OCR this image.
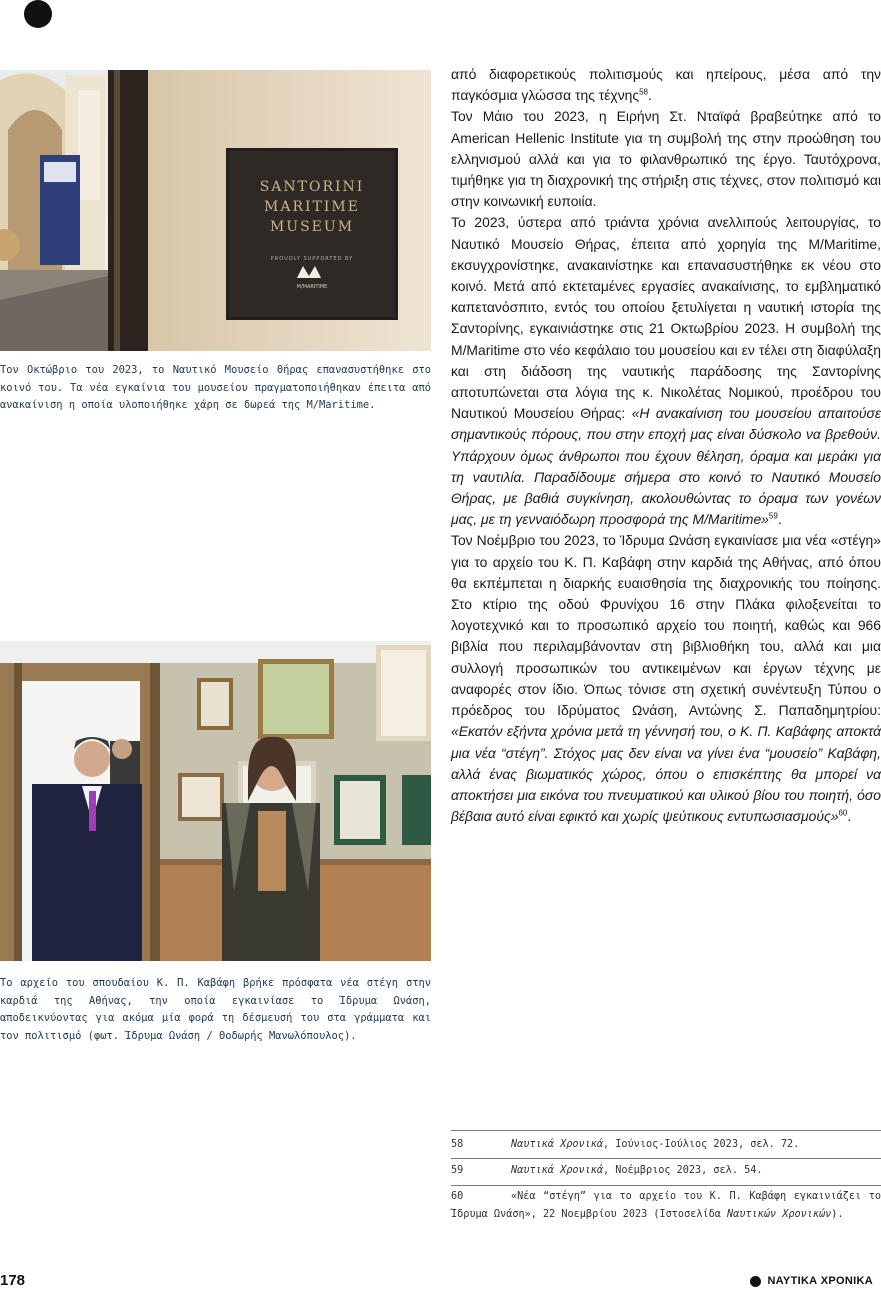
SANTORINI
MARITIME
MUSEUM
PROUDLY SUPPORTED BY
M/MARITIME
Τον Οκτώβριο του 2023, το Ναυτικό Μουσείο Θήρας επανασυστήθηκε στο κοινό του. Τα νέα εγκαίνια του μουσείου πραγματοποιήθηκαν έπειτα από ανακαίνιση η οποία υλοποιήθηκε χάρη σε δωρεά της M/Maritime.
Το αρχείο του σπουδαίου Κ. Π. Καβάφη βρήκε πρόσφατα νέα στέγη στην καρδιά της Αθήνας, την οποία εγκαινίασε το Ίδρυμα Ωνάση, αποδεικνύοντας για ακόμα μία φορά τη δέσμευσή του στα γράμματα και τον πολιτισμό (φωτ. Ίδρυμα Ωνάση / Θοδωρής Μανωλόπουλος).

από διαφορετικούς πολιτισμούς και ηπείρους, μέσα από την παγκόσμια γλώσσα της τέχνης$^{58}$.

Τον Μάιο του 2023, η Ειρήνη Στ. Νταϊφά βραβεύτηκε από το American Hellenic Institute για τη συμβολή της στην προώθηση του ελληνισμού αλλά και για το φιλανθρωπικό της έργο. Ταυτόχρονα, τιμήθηκε για τη διαχρονική της στήριξη στις τέχνες, στον πολιτισμό και στην κοινωνική ευποιία.

Το 2023, ύστερα από τριάντα χρόνια ανελλιπούς λειτουργίας, το Ναυτικό Μουσείο Θήρας, έπειτα από χορηγία της M/Maritime, εκσυγχρονίστηκε, ανακαινίστηκε και επανασυστήθηκε εκ νέου στο κοινό. Μετά από εκτεταμένες εργασίες ανακαίνισης, το εμβληματικό καπετανόσπιτο, εντός του οποίου ξετυλίγεται η ναυτική ιστορία της Σαντορίνης, εγκαινιάστηκε στις 21 Οκτωβρίου 2023. Η συμβολή της M/Maritime στο νέο κεφάλαιο του μουσείου και εν τέλει στη διαφύλαξη και στη διάδοση της ναυτικής παράδοσης της Σαντορίνης αποτυπώνεται στα λόγια της κ. Νικολέτας Νομικού, προέδρου του Ναυτικού Μουσείου Θήρας: «Η ανακαίνιση του μουσείου απαιτούσε σημαντικούς πόρους, που στην εποχή μας είναι δύσκολο να βρεθούν. Υπάρχουν όμως άνθρωποι που έχουν θέληση, όραμα και μεράκι για τη ναυτιλία. Παραδίδουμε σήμερα στο κοινό το Ναυτικό Μουσείο Θήρας, με βαθιά συγκίνηση, ακολουθώντας το όραμα των γονέων μας, με τη γενναιόδωρη προσφορά της M/Maritime»$^{59}$.

Τον Νοέμβριο του 2023, το Ίδρυμα Ωνάση εγκαινίασε μια νέα «στέγη» για το αρχείο του Κ. Π. Καβάφη στην καρδιά της Αθήνας, από όπου θα εκπέμπεται η διαρκής ευαισθησία της διαχρονικής του ποίησης. Στο κτίριο της οδού Φρυνίχου 16 στην Πλάκα φιλοξενείται το λογοτεχνικό και το προσωπικό αρχείο του ποιητή, καθώς και 966 βιβλία που περιλαμβάνονταν στη βιβλιοθήκη του, αλλά και μια συλλογή προσωπικών του αντικειμένων και έργων τέχνης με αναφορές στον ίδιο. Όπως τόνισε στη σχετική συνέντευξη Τύπου ο πρόεδρος του Ιδρύματος Ωνάση, Αντώνης Σ. Παπαδημητρίου: «Εκατόν εξήντα χρόνια μετά τη γέννησή του, ο Κ. Π. Καβάφης αποκτά μια νέα “στέγη”. Στόχος μας δεν είναι να γίνει ένα “μουσείο” Καβάφη, αλλά ένας βιωματικός χώρος, όπου ο επισκέπτης θα μπορεί να αποκτήσει μια εικόνα του πνευματικού και υλικού βίου του ποιητή, όσο βέβαια αυτό είναι εφικτό και χωρίς ψεύτικους εντυπωσιασμούς»$^{60}$.

58	Ναυτικά Χρονικά, Ιούνιος-Ιούλιος 2023, σελ. 72.
59	Ναυτικά Χρονικά, Νοέμβριος 2023, σελ. 54.
60	«Νέα “στέγη” για το αρχείο του Κ. Π. Καβάφη εγκαινιάζει το Ίδρυμα Ωνάση», 22 Νοεμβρίου 2023 (Ιστοσελίδα Ναυτικών Χρονικών).
178	ΝΑΥΤΙΚΑ ΧΡΟΝΙΚΑ
